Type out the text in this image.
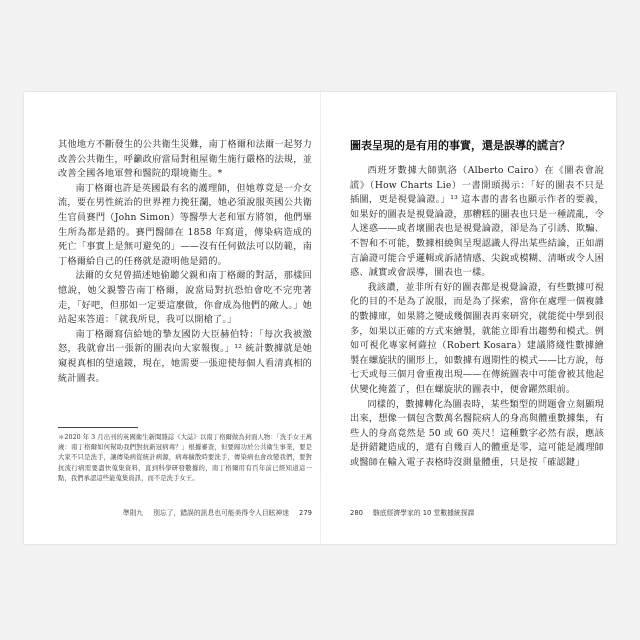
其他地方不斷發生的公共衛生災難，南丁格爾和法爾一起努力改善公共衛生，呼籲政府當局對租屋衛生施行嚴格的法規，並改善全國各地軍營和醫院的環境衛生。*

南丁格爾也許是英國最有名的護理師，但她尊竟是一介女流，要在男性統治的世界裡力挽狂瀾，她必須說服英國公共衛生官員賽門（John Simon）等醫學大老和軍方將領，他們畢生所為都是錯的。賽門醫師在 1858 年寫道，傳染病造成的死亡「事實上是無可避免的」——沒有任何做法可以防範，南丁格爾給自己的任務就是證明他是錯的。

法爾的女兒曾描述她偷聽父親和南丁格爾的對話，那樣回憶說，她父親警告南丁格爾，說當局對抗恐怕會吃不完兜著走，「好吧，但那如一定要這麼做，你會成為他們的敵人。」她站起來答道：「就我所見，我可以開槍了。」

南丁格爾寫信給她的摯友國防大臣赫伯特：「每次我被激怒，我就會出一張新的圖表向大家報復。」¹² 統計數據就是她窺視真相的望遠鏡，現在，她需要一張迎使每個人看清真相的統計圖表。

＊2020 年 3 月出刊的英國衛生新聞雜誌《大誌》以南丁格爾做為封面人物：「洗手女王萬歲：南丁格爾如何幫助我們對抗新冠病毒？」根據審查，但要歸功於公共衛生事業，要是大家不只是洗手，讓傳染病從統計病源，病毒擴散時要洗手，傳染病也會改變我們，要對抗流行病需要盡快蒐集資料，直到科學研發數據的，南丁格爾用有百年前已經知道這一點，我們承認這些能蒐集資訊，而不是洗手女王。

準則九 別忘了，錯誤的訊息也可能美得令人目眩神迷 279
圖表呈現的是有用的事實，還是誤導的謊言？

西班牙數據大師凱洛（Alberto Cairo）在《圖表會說謊》（How Charts Lie）一書開頭揭示：「好的圖表不只是插圖，更是視覺論證。」¹³ 這本書的書名也顯示作者的要義，如果好的圖表是視覺論證，那糟糕的圖表也只是一種謊亂，令人迷惑——或者壞圖表也是視覺論證，卻是為了引誘、欺騙、不智和不可能，數據相繞與呈現認識人得出某些結論，正如謂言論證可能合乎邏輯或訴諸情感、尖銳或模糊、清晰或令人困惑、誠實或會誤導，圖表也一樣。

我該讚，並非所有好的圖表都是視覺論證，有些數據可視化的目的不是為了說服，而是為了探索，當你在處理一個複雜的數據庫，如果將之變成幾個圖表再來研究，就能從中學到很多，如果以正確的方式來繪製，就能立即看出趨勢和模式。例如可視化專家柯薩拉（Robert Kosara）建議將綫性數據繪製在螺旋狀的圖形上，如數據有週期性的模式——比方說，每七天或每三個月會重複出現——在傳統圖表中可能會被其他起伏變化掩蓋了，但在螺旋狀的圖表中，便會躍然眼前。

同樣的，數據轉化為圖表時，某些類型的問題會立刻顯現出來，想像一個包含數萬名醫院病人的身高與體重數據集，有些人的身高竟然是 50 或 60 英尺！這種數字必然有誤，應該是拼錯鍵造成的，還有自幾百人的體重是零，這可能是護理師或醫師在輸入電子表格時沒測量體重，只是按「確認鍵」

280 駭底經濟學家的 10 堂數據統探課
